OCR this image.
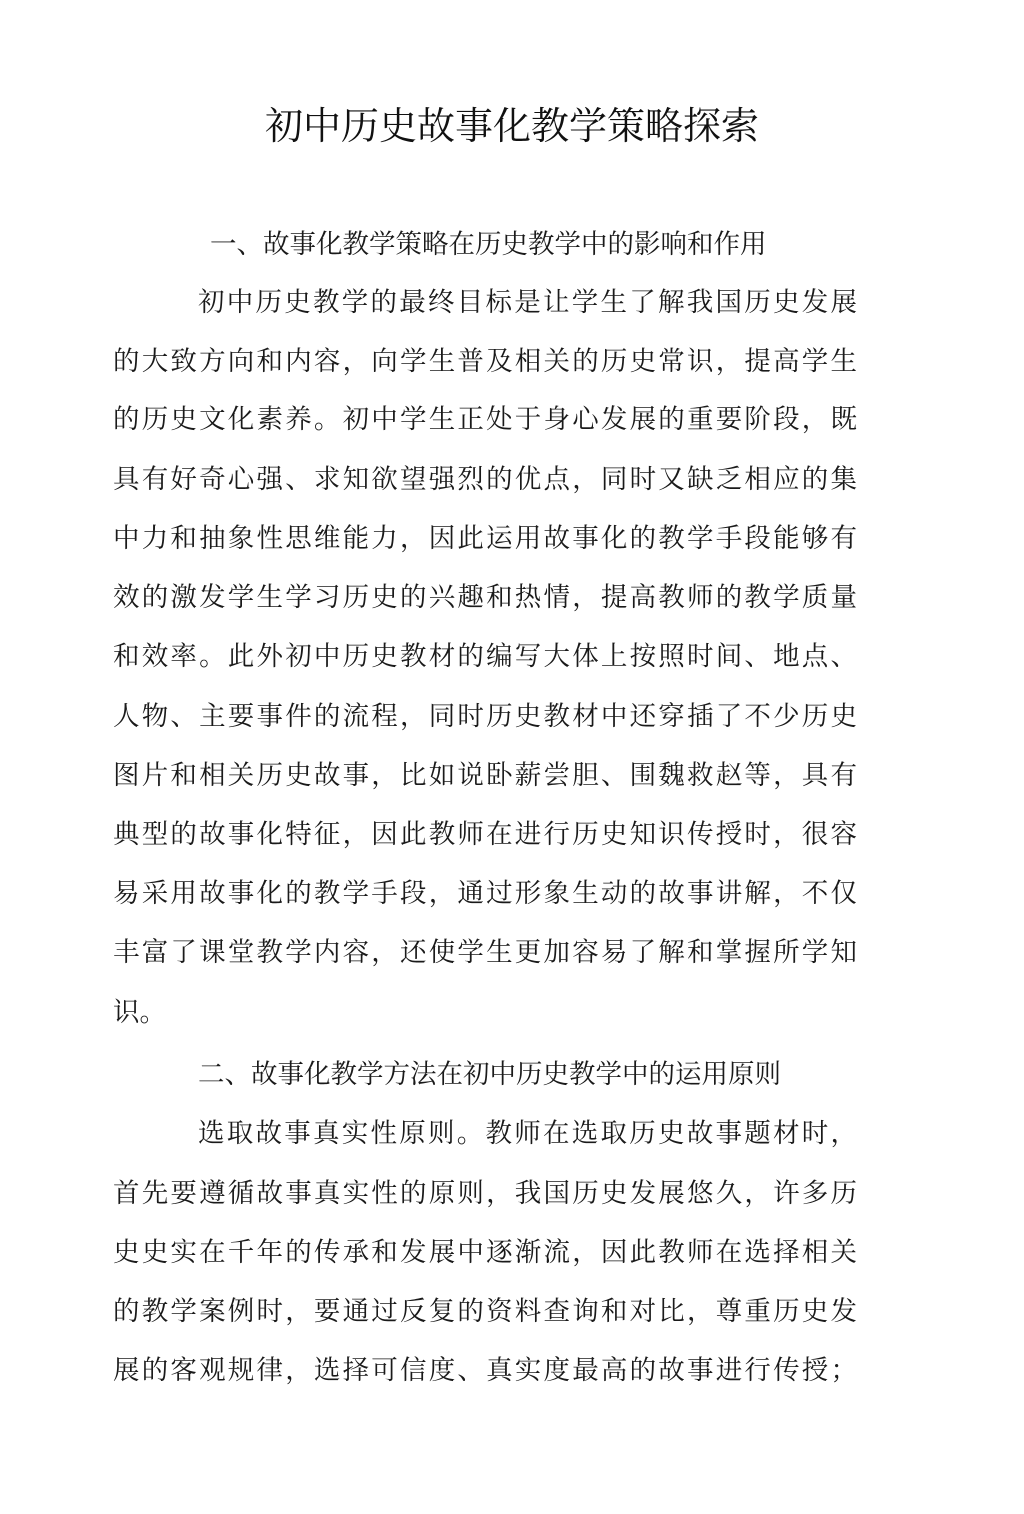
初中历史故事化教学策略探索

一、故事化教学策略在历史教学中的影响和作用

初中历史教学的最终目标是让学生了解我国历史发展

的大致方向和内容，向学生普及相关的历史常识，提高学生

的历史文化素养。初中学生正处于身心发展的重要阶段，既

具有好奇心强、求知欲望强烈的优点，同时又缺乏相应的集

中力和抽象性思维能力，因此运用故事化的教学手段能够有

效的激发学生学习历史的兴趣和热情，提高教师的教学质量

和效率。此外初中历史教材的编写大体上按照时间、地点、

人物、主要事件的流程，同时历史教材中还穿插了不少历史

图片和相关历史故事，比如说卧薪尝胆、围魏救赵等，具有

典型的故事化特征，因此教师在进行历史知识传授时，很容

易采用故事化的教学手段，通过形象生动的故事讲解，不仅

丰富了课堂教学内容，还使学生更加容易了解和掌握所学知

识。

二、故事化教学方法在初中历史教学中的运用原则

选取故事真实性原则。教师在选取历史故事题材时，

首先要遵循故事真实性的原则，我国历史发展悠久，许多历

史史实在千年的传承和发展中逐渐流，因此教师在选择相关

的教学案例时，要通过反复的资料查询和对比，尊重历史发

展的客观规律，选择可信度、真实度最高的故事进行传授；
